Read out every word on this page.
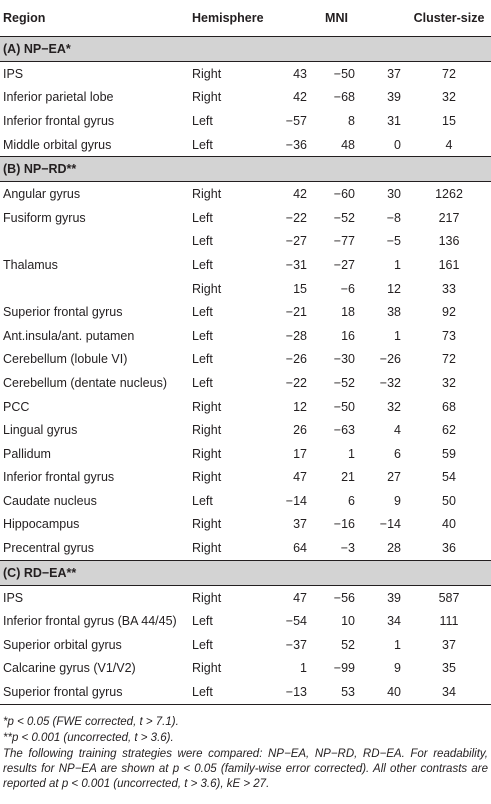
Region	Hemisphere	MNI			Cluster-size
(A) NP−EA*					
IPS	Right	43	−50	37	72
Inferior parietal lobe	Right	42	−68	39	32
Inferior frontal gyrus	Left	−57	8	31	15
Middle orbital gyrus	Left	−36	48	0	4
(B) NP−RD**					
Angular gyrus	Right	42	−60	30	1262
Fusiform gyrus	Left	−22	−52	−8	217
	Left	−27	−77	−5	136
Thalamus	Left	−31	−27	1	161
	Right	15	−6	12	33
Superior frontal gyrus	Left	−21	18	38	92
Ant.insula/ant. putamen	Left	−28	16	1	73
Cerebellum (lobule VI)	Left	−26	−30	−26	72
Cerebellum (dentate nucleus)	Left	−22	−52	−32	32
PCC	Right	12	−50	32	68
Lingual gyrus	Right	26	−63	4	62
Pallidum	Right	17	1	6	59
Inferior frontal gyrus	Right	47	21	27	54
Caudate nucleus	Left	−14	6	9	50
Hippocampus	Right	37	−16	−14	40
Precentral gyrus	Right	64	−3	28	36
(C) RD−EA**					
IPS	Right	47	−56	39	587
Inferior frontal gyrus (BA 44/45)	Left	−54	10	34	111
Superior orbital gyrus	Left	−37	52	1	37
Calcarine gyrus (V1/V2)	Right	1	−99	9	35
Superior frontal gyrus	Left	−13	53	40	34

*p < 0.05 (FWE corrected, t > 7.1).

**p < 0.001 (uncorrected, t > 3.6).

The following training strategies were compared: NP−EA, NP−RD, RD−EA. For readability, results for NP−EA are shown at p < 0.05 (family-wise error corrected). All other contrasts are reported at p < 0.001 (uncorrected, t > 3.6), kE > 27.
